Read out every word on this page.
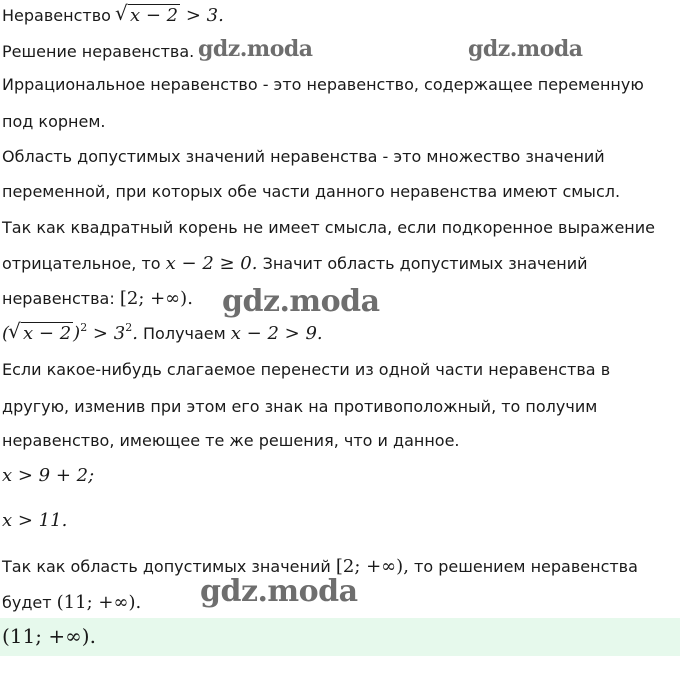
Неравенство √ x − 2 > 3.
Решение неравенства.
Иррациональное неравенство - это неравенство, содержащее переменную
под корнем.
Область допустимых значений неравенства - это множество значений
переменной, при которых обе части данного неравенства имеют смысл.
Так как квадратный корень не имеет смысла, если подкоренное выражение
отрицательное, то x − 2 ≥ 0. Значит область допустимых значений
неравенства: [2; +∞).
( √ x − 2 )$^2 > 3^2$. Получаем x − 2 > 9.
Если какое-нибудь слагаемое перенести из одной части неравенства в
другую, изменив при этом его знак на противоположный, то получим
неравенство, имеющее те же решения, что и данное.
x > 9 + 2;
x > 11.
Так как область допустимых значений [2; +∞), то решением неравенства
будет (11; +∞).
(11; +∞).
gdz.moda	gdz.moda
gdz.moda
gdz.moda
